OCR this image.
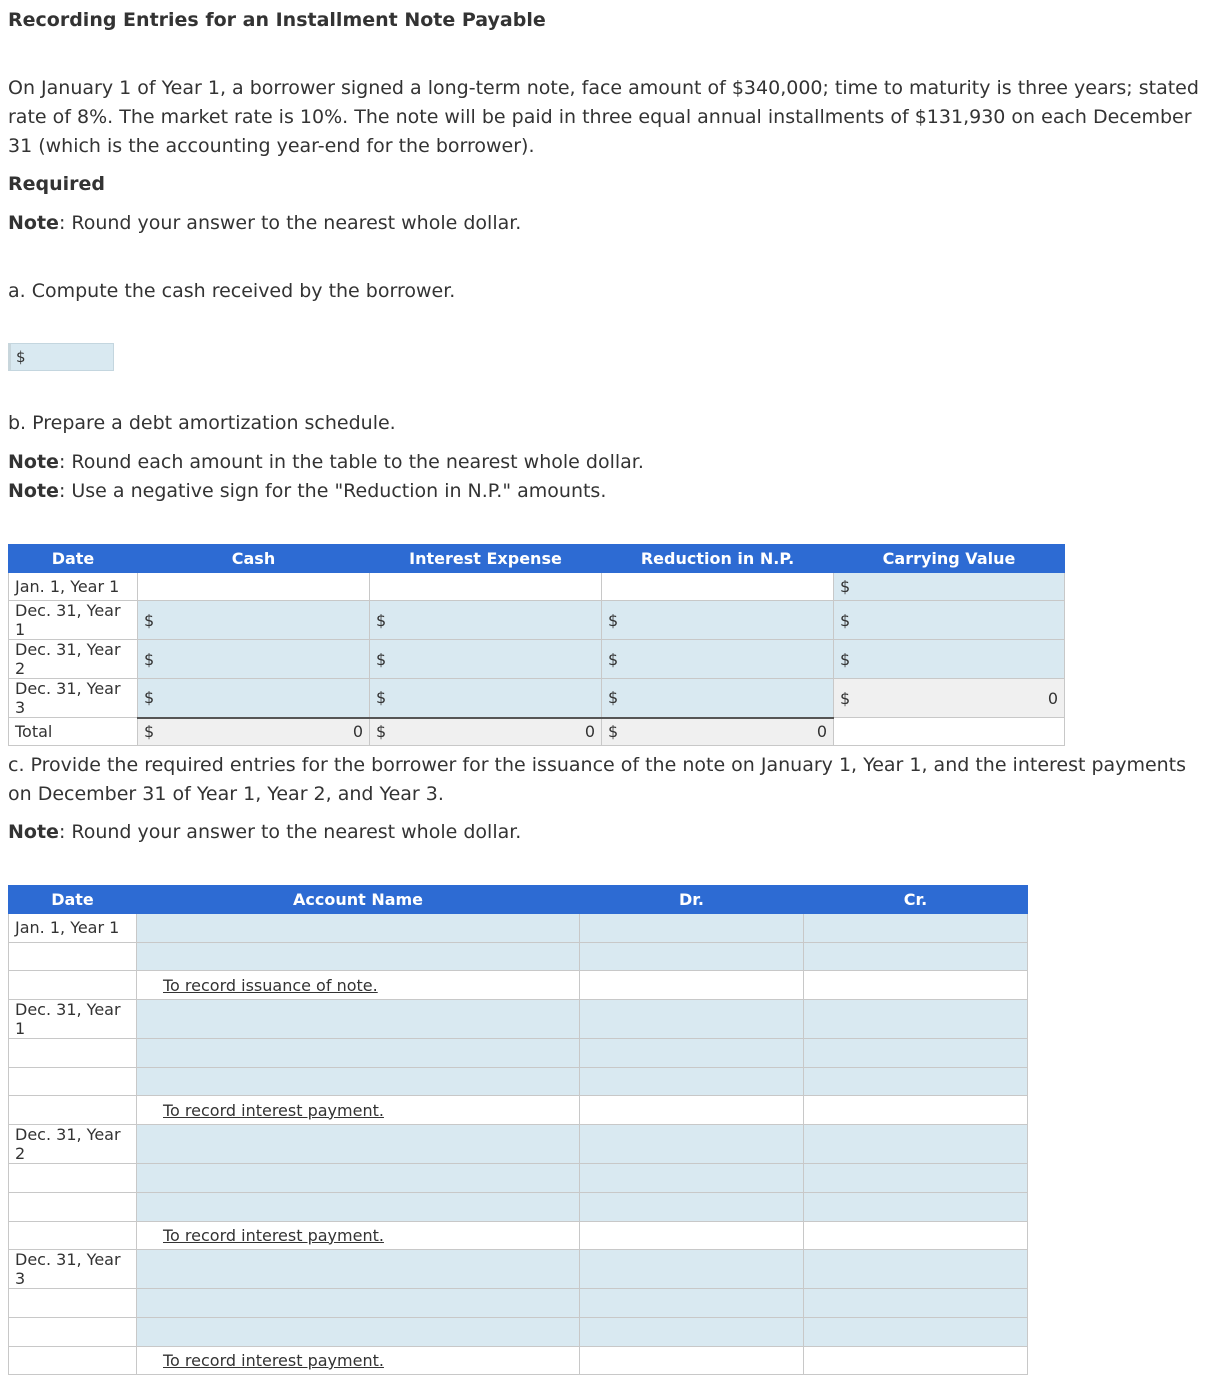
Recording Entries for an Installment Note Payable

On January 1 of Year 1, a borrower signed a long-term note, face amount of $340,000; time to maturity is three years; stated rate of 8%. The market rate is 10%. The note will be paid in three equal annual installments of $131,930 on each December 31 (which is the accounting year-end for the borrower).

Required
Note: Round your answer to the nearest whole dollar.
a. Compute the cash received by the borrower.
$
b. Prepare a debt amortization schedule.
Note: Round each amount in the table to the nearest whole dollar.
Note: Use a negative sign for the "Reduction in N.P." amounts.
Date	Cash	Interest Expense	Reduction in N.P.	Carrying Value
Jan. 1, Year 1				$

Dec. 31, Year 1	$	$	$	$

Dec. 31, Year 2	$	$	$	$

Dec. 31, Year 3	$	$	$	$ 0

Total	$ 0	$ 0	$ 0	

c. Provide the required entries for the borrower for the issuance of the note on January 1, Year 1, and the interest payments on December 31 of Year 1, Year 2, and Year 3.

Note: Round your answer to the nearest whole dollar.
Date	Account Name	Dr.	Cr.
Jan. 1, Year 1			

	To record issuance of note.		
Dec. 31, Year 1			

	To record interest payment.		
Dec. 31, Year 2			

	To record interest payment.		
Dec. 31, Year 3			

	To record interest payment.		
